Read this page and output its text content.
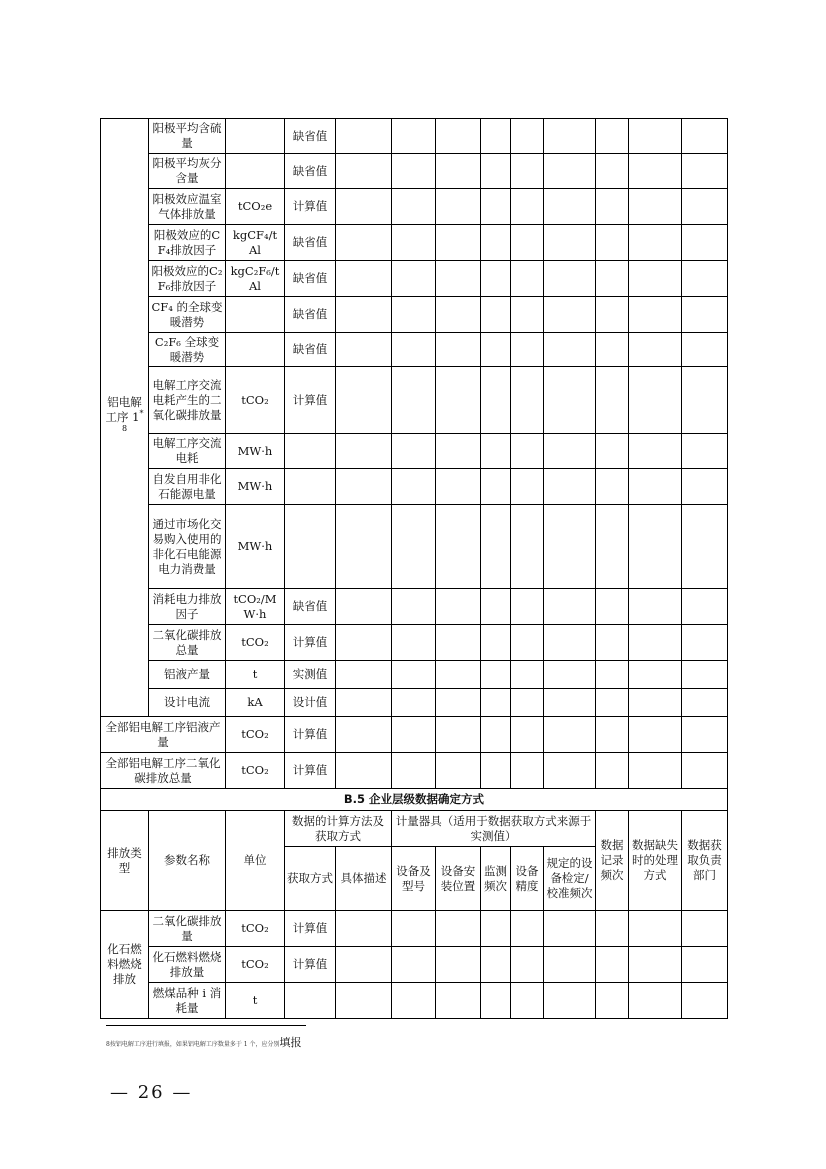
铝电解工序 1$^{*8}$	阳极平均含硫量		缺省值									
	阳极平均灰分含量		缺省值									
	阳极效应温室气体排放量	tCO₂e	计算值									
	阳极效应的CF₄排放因子	kgCF₄/t Al	缺省值									
	阳极效应的C₂F₆排放因子	kgC₂F₆/t Al	缺省值									
	CF₄ 的全球变暖潜势		缺省值									
	C₂F₆ 全球变暖潜势		缺省值									
	电解工序交流电耗产生的二氧化碳排放量	tCO₂	计算值									
	电解工序交流电耗	MW·h										
	自发自用非化石能源电量	MW·h										
	通过市场化交易购入使用的非化石电能源电力消费量	MW·h										
	消耗电力排放因子	tCO₂/MW·h	缺省值									
	二氧化碳排放总量	tCO₂	计算值									
	铝液产量	t	实测值									
	设计电流	kA	设计值									
全部铝电解工序铝液产量		tCO₂	计算值									
全部铝电解工序二氧化碳排放总量		tCO₂	计算值									
B.5 企业层级数据确定方式												
排放类型	参数名称	单位	数据的计算方法及获取方式		计量器具（适用于数据获取方式来源于实测值）					数据记录频次	数据缺失时的处理方式	数据获取负责部门
			获取方式	具体描述	设备及型号	设备安装位置	监测频次	设备精度	规定的设备检定/校准频次			
化石燃料燃烧排放	二氧化碳排放量	tCO₂	计算值									
	化石燃料燃烧排放量	tCO₂	计算值									
	燃煤品种 i 消耗量	t										
8按铝电解工序进行填报，如果铝电解工序数量多于 1 个，应分别填报
— 26 —
